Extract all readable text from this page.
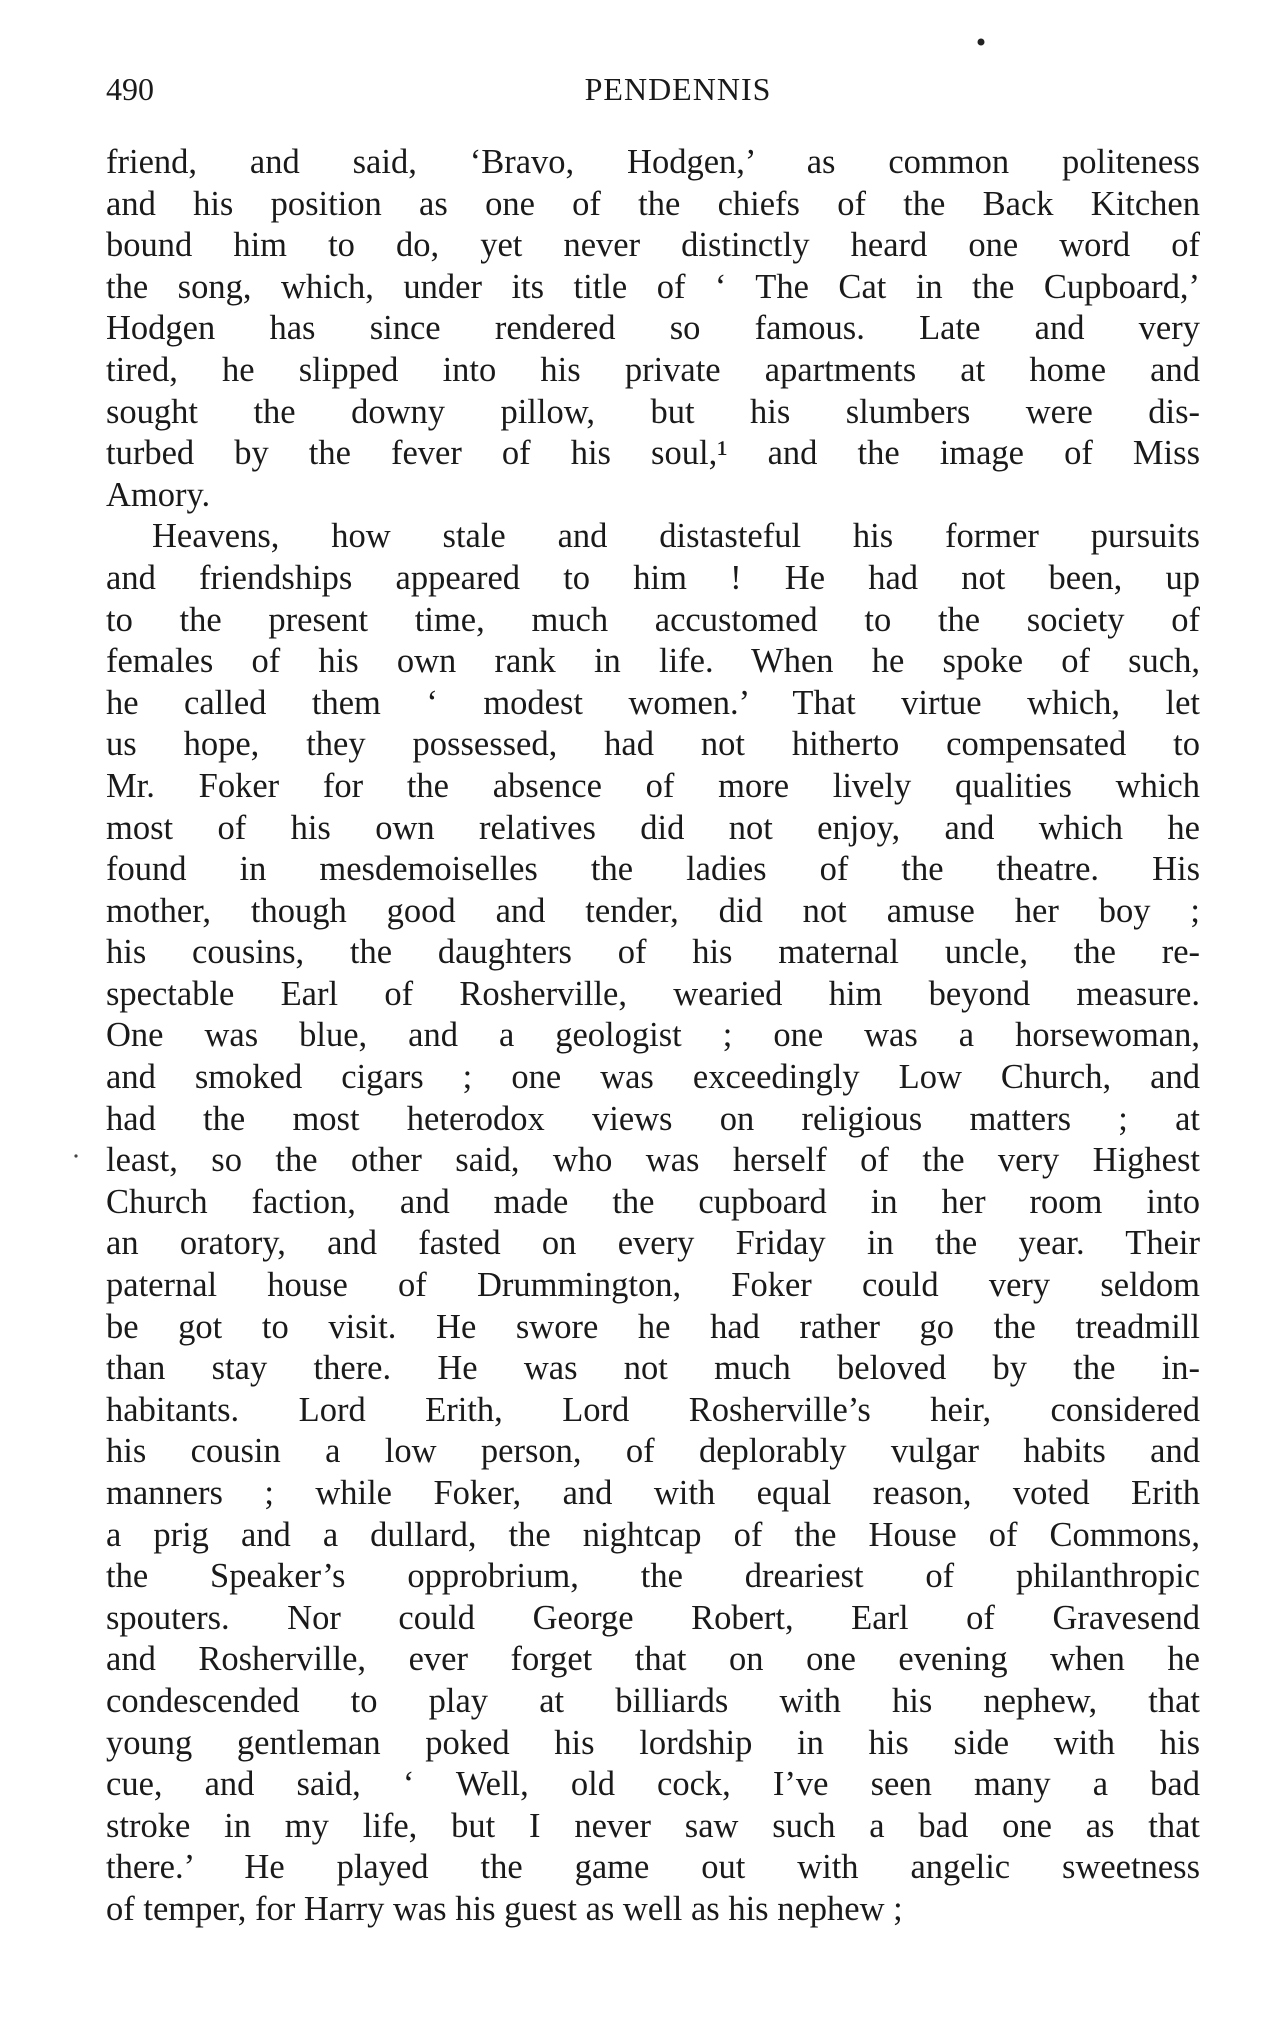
490	PENDENNIS
friend, and said, ‘Bravo, Hodgen,’ as common politeness
and his position as one of the chiefs of the Back Kitchen
bound him to do, yet never distinctly heard one word of
the song, which, under its title of ‘ The Cat in the Cupboard,’
Hodgen has since rendered so famous. Late and very
tired, he slipped into his private apartments at home and
sought the downy pillow, but his slumbers were dis-
turbed by the fever of his soul,¹ and the image of Miss
Amory.
Heavens, how stale and distasteful his former pursuits
and friendships appeared to him ! He had not been, up
to the present time, much accustomed to the society of
females of his own rank in life. When he spoke of such,
he called them ‘ modest women.’ That virtue which, let
us hope, they possessed, had not hitherto compensated to
Mr. Foker for the absence of more lively qualities which
most of his own relatives did not enjoy, and which he
found in mesdemoiselles the ladies of the theatre. His
mother, though good and tender, did not amuse her boy ;
his cousins, the daughters of his maternal uncle, the re-
spectable Earl of Rosherville, wearied him beyond measure.
One was blue, and a geologist ; one was a horsewoman,
and smoked cigars ; one was exceedingly Low Church, and
had the most heterodox views on religious matters ; at
least, so the other said, who was herself of the very Highest
Church faction, and made the cupboard in her room into
an oratory, and fasted on every Friday in the year. Their
paternal house of Drummington, Foker could very seldom
be got to visit. He swore he had rather go the treadmill
than stay there. He was not much beloved by the in-
habitants. Lord Erith, Lord Rosherville’s heir, considered
his cousin a low person, of deplorably vulgar habits and
manners ; while Foker, and with equal reason, voted Erith
a prig and a dullard, the nightcap of the House of Commons,
the Speaker’s opprobrium, the dreariest of philanthropic
spouters. Nor could George Robert, Earl of Gravesend
and Rosherville, ever forget that on one evening when he
condescended to play at billiards with his nephew, that
young gentleman poked his lordship in his side with his
cue, and said, ‘ Well, old cock, I’ve seen many a bad
stroke in my life, but I never saw such a bad one as that
there.’ He played the game out with angelic sweetness
of temper, for Harry was his guest as well as his nephew ;
